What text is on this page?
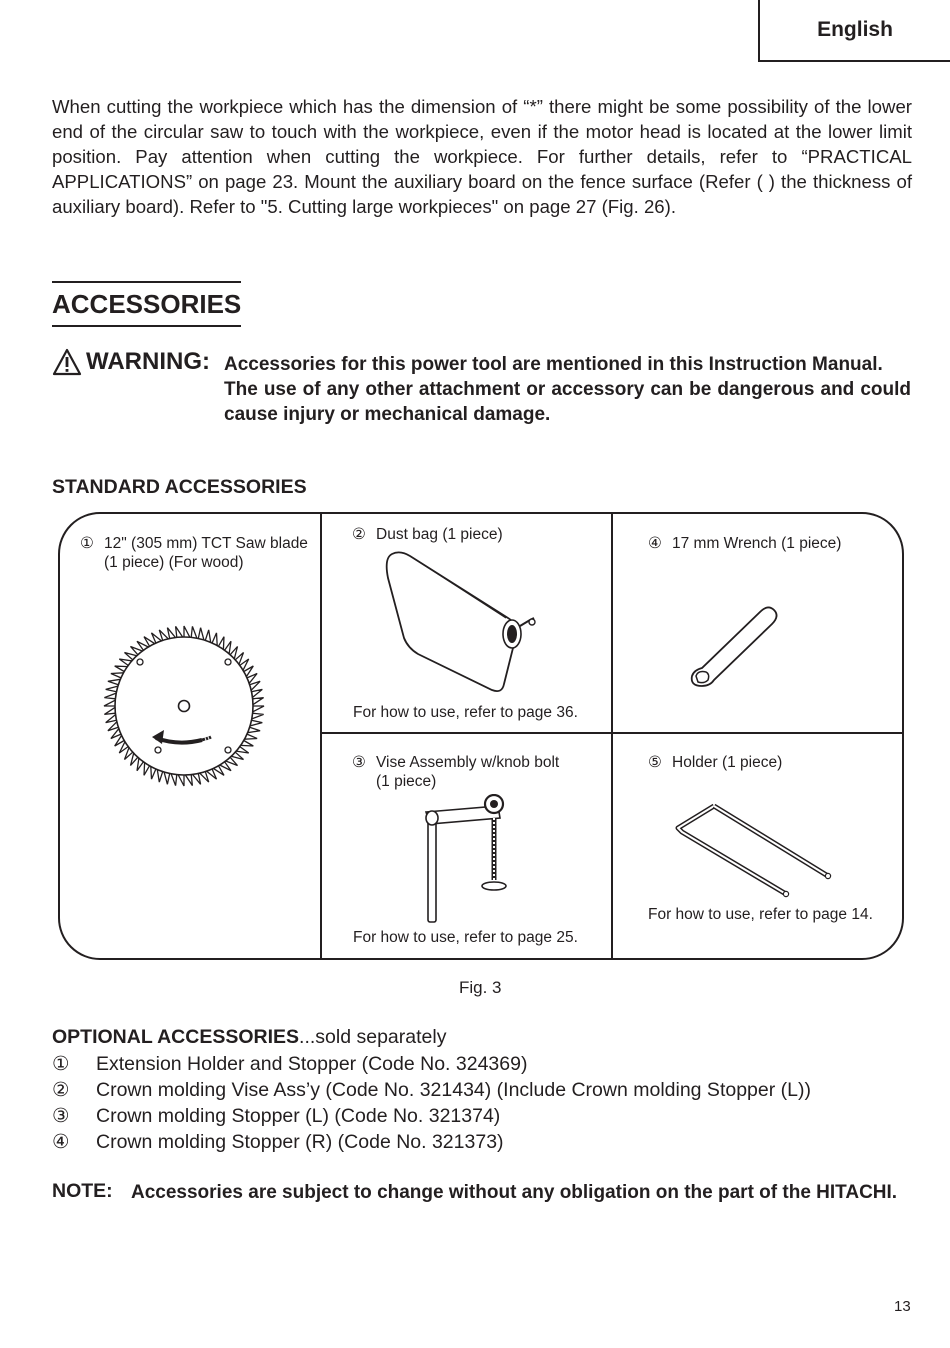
English

When cutting the workpiece which has the dimension of “*” there might be some possibility of the lower end of the circular saw to touch with the workpiece, even if the motor head is located at the lower limit position. Pay attention when cutting the workpiece. For further details, refer to “PRACTICAL APPLICATIONS” on page 23. Mount the auxiliary board on the fence surface (Refer ( ) the thickness of auxiliary board). Refer to "5. Cutting large workpieces" on page 27 (Fig. 26).

ACCESSORIES
WARNING: Accessories for this power tool are mentioned in this Instruction Manual.

The use of any other attachment or accessory can be dangerous and could cause injury or mechanical damage.

STANDARD ACCESSORIES
① 12" (305 mm) TCT Saw blade
(1 piece) (For wood)
② Dust bag (1 piece)
For how to use, refer to page 36.
③ Vise Assembly w/knob bolt
(1 piece)
For how to use, refer to page 25.
④ 17 mm Wrench (1 piece)
⑤ Holder (1 piece)
For how to use, refer to page 14.
Fig. 3
OPTIONAL ACCESSORIES...sold separately
① Extension Holder and Stopper (Code No. 324369)
② Crown molding Vise Ass’y (Code No. 321434) (Include Crown molding Stopper (L))
③ Crown molding Stopper (L) (Code No. 321374)
④ Crown molding Stopper (R) (Code No. 321373)
NOTE: Accessories are subject to change without any obligation on the part of the HITACHI.

13
